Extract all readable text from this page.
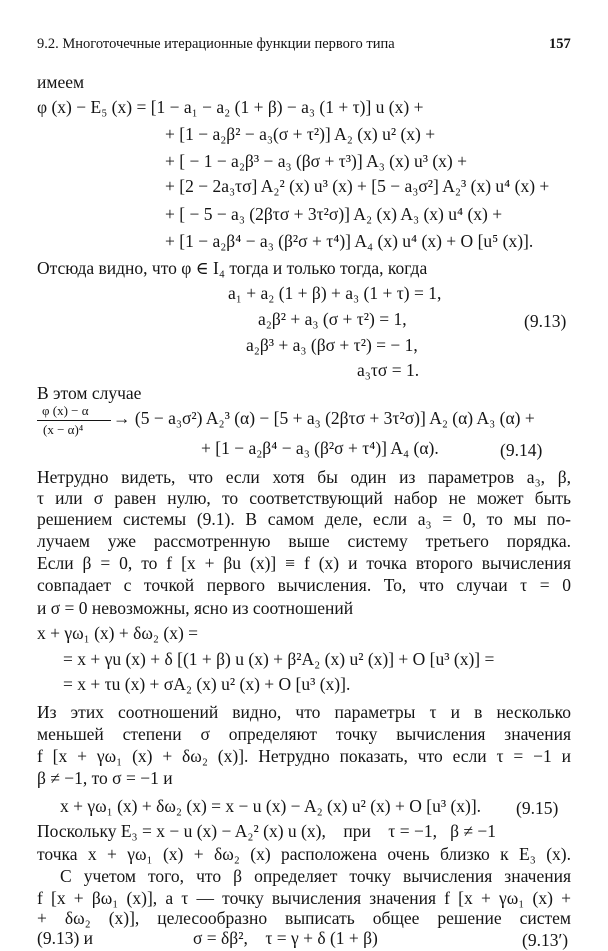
9.2. Многоточечные итерационные функции первого типа	157
имеем
φ (x) − E₅ (x) = [1 − a₁ − a₂ (1 + β) − a₃ (1 + τ)] u (x) +
+ [1 − a₂β² − a₃(σ + τ²)] A₂ (x) u² (x) +
+ [ − 1 − a₂β³ − a₃ (βσ + τ³)] A₃ (x) u³ (x) +
+ [2 − 2a₃τσ] A₂² (x) u³ (x) + [5 − a₃σ²] A₂³ (x) u⁴ (x) +
+ [ − 5 − a₃ (2βτσ + 3τ²σ)] A₂ (x) A₃ (x) u⁴ (x) +
+ [1 − a₂β⁴ − a₃ (β²σ + τ⁴)] A₄ (x) u⁴ (x) + O [u⁵ (x)].
Отсюда видно, что φ ∈ I₄ тогда и только тогда, когда
a₁ + a₂ (1 + β) + a₃ (1 + τ) = 1,
a₂β² + a₃ (σ + τ²) = 1,	(9.13)
a₂β³ + a₃ (βσ + τ²) = − 1,
a₃τσ = 1.
В этом случае
φ (x) − α
(x − α)⁴
→ (5 − a₃σ²) A₂³ (α) − [5 + a₃ (2βτσ + 3τ²σ)] A₂ (α) A₃ (α) +
+ [1 − a₂β⁴ − a₃ (β²σ + τ⁴)] A₄ (α).	(9.14)
Нетрудно видеть, что если хотя бы один из параметров a₃, β,
τ или σ равен нулю, то соответствующий набор не может быть
решением системы (9.1). В самом деле, если a₃ = 0, то мы по-
лучаем уже рассмотренную выше систему третьего порядка.
Если β = 0, то f [x + βu (x)] ≡ f (x) и точка второго вычисления
совпадает с точкой первого вычисления. То, что случаи τ = 0
и σ = 0 невозможны, ясно из соотношений
x + γω₁ (x) + δω₂ (x) =
= x + γu (x) + δ [(1 + β) u (x) + β²A₂ (x) u² (x)] + O [u³ (x)] =
= x + τu (x) + σA₂ (x) u² (x) + O [u³ (x)].
Из этих соотношений видно, что параметры τ и в несколько
меньшей степени σ определяют точку вычисления значения
f [x + γω₁ (x) + δω₂ (x)]. Нетрудно показать, что если τ = −1 и
β ≠ −1, то σ = −1 и
x + γω₁ (x) + δω₂ (x) = x − u (x) − A₂ (x) u² (x) + O [u³ (x)]. (9.15)
Поскольку E₃ = x − u (x) − A₂² (x) u (x),    при    τ = −1,   β ≠ −1
точка x + γω₁ (x) + δω₂ (x) расположена очень близко к E₃ (x).
С учетом того, что β определяет точку вычисления значения
f [x + βω₁ (x)], а τ — точку вычисления значения f [x + γω₁ (x) +
+ δω₂ (x)], целесообразно выписать общее решение систем
(9.13) и	σ = δβ²,    τ = γ + δ (1 + β)	(9.13′)
